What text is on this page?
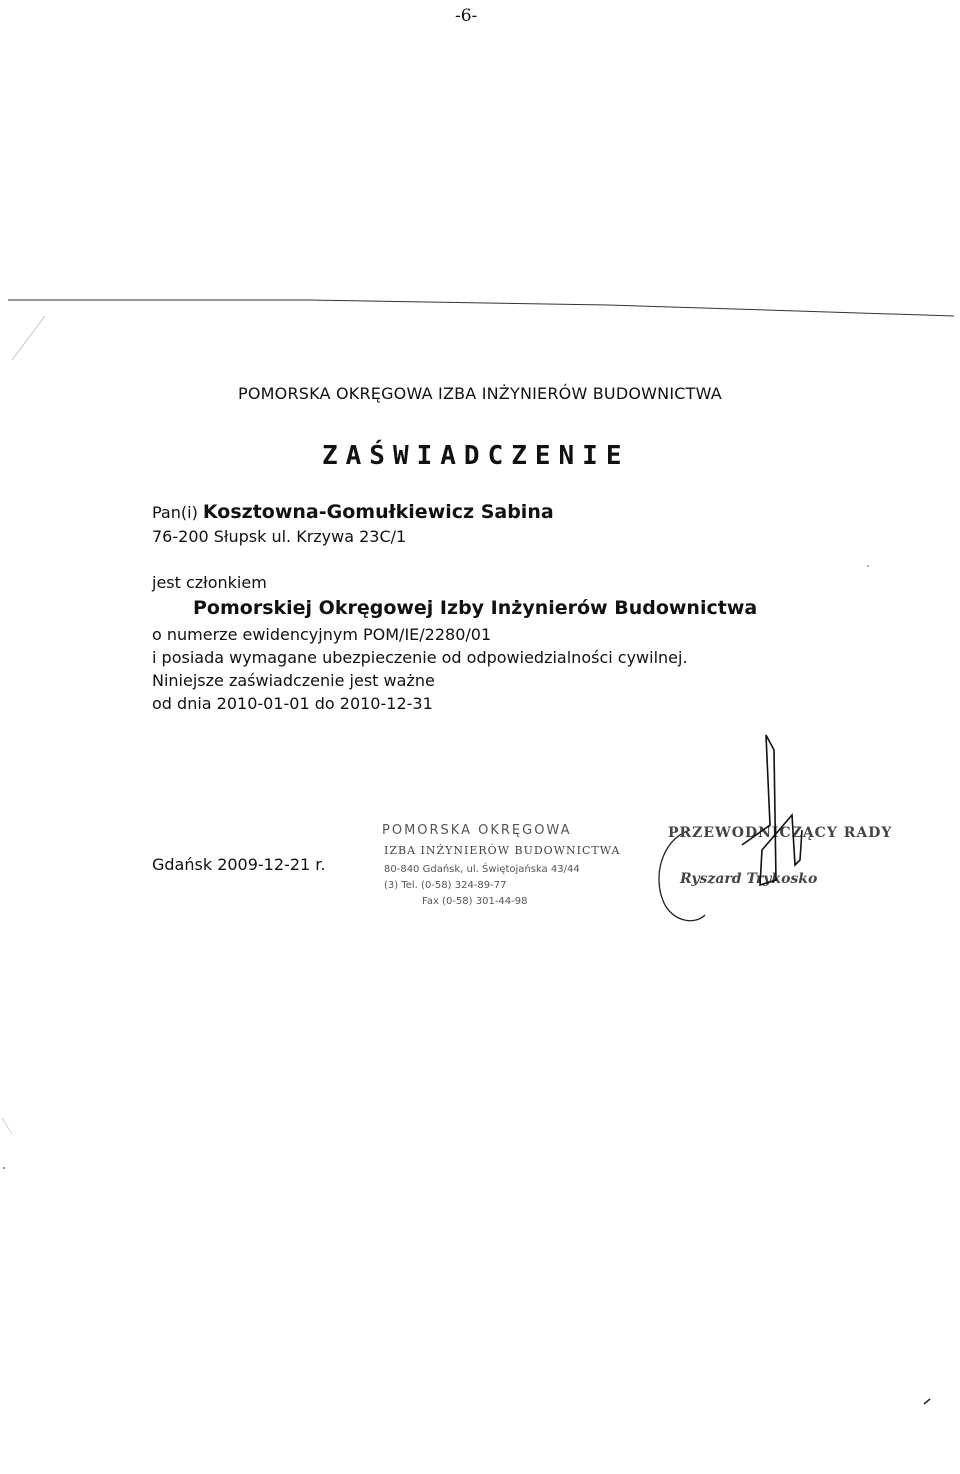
-6-
POMORSKA OKRĘGOWA IZBA INŻYNIERÓW BUDOWNICTWA
ZAŚWIADCZENIE
Pan(i) Kosztowna-Gomułkiewicz Sabina
76-200 Słupsk ul. Krzywa 23C/1
jest członkiem
Pomorskiej Okręgowej Izby Inżynierów Budownictwa
o numerze ewidencyjnym POM/IE/2280/01
i posiada wymagane ubezpieczenie od odpowiedzialności cywilnej.
Niniejsze zaświadczenie jest ważne
od dnia 2010-01-01 do 2010-12-31
Gdańsk 2009-12-21 r.
POMORSKA OKRĘGOWA
IZBA INŻYNIERÓW BUDOWNICTWA
80-840 Gdańsk, ul. Świętojańska 43/44
(3) Tel. (0-58) 324-89-77
Fax (0-58) 301-44-98
PRZEWODNICZĄCY RADY
Ryszard Trykosko
